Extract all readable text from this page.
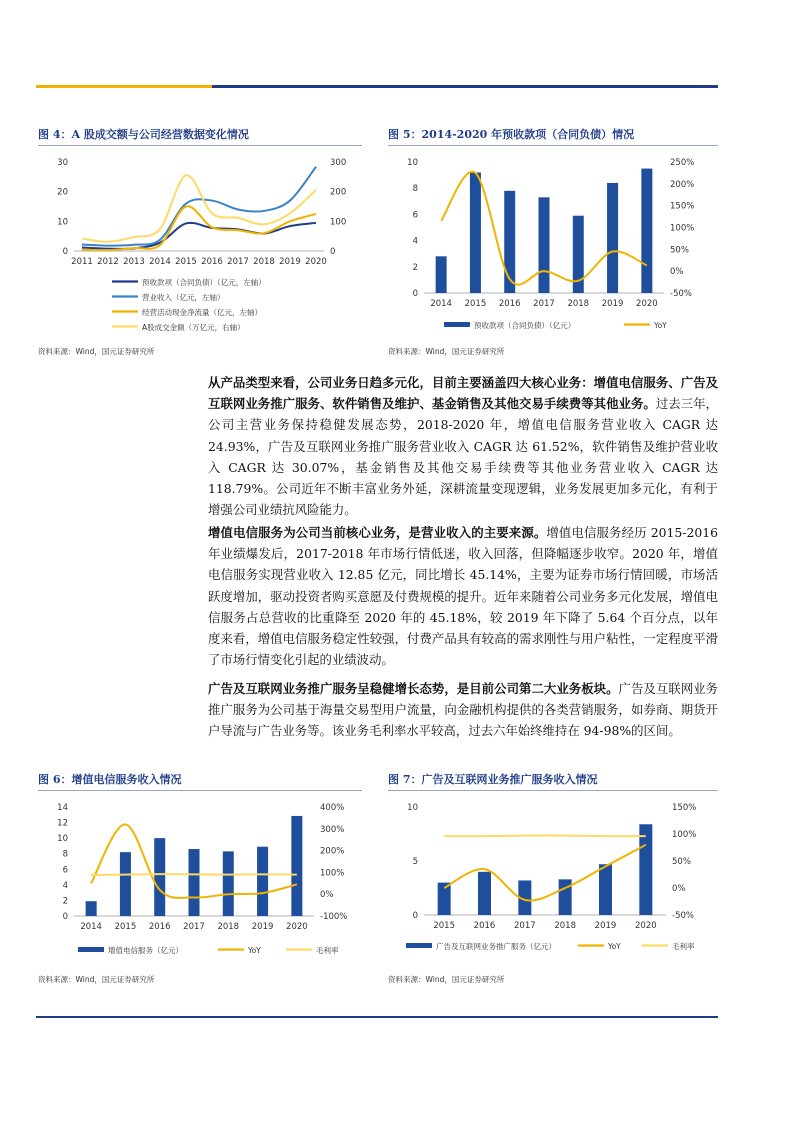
图 4：A 股成交额与公司经营数据变化情况
30
20
10
0
300
200
100
0
2011 2012 2013 2014 2015 2016 2017 2018 2019 2020
预收款项（合同负债）（亿元，左轴）
营业收入（亿元，左轴）
经营活动现金净流量（亿元，左轴）
A股成交金额（万亿元，右轴）
资料来源：Wind，国元证券研究所
图 5：2014-2020 年预收款项（合同负债）情况
10
8
6
4
2
0
250%
200%
150%
100%
50%
0%
-50%
2014 2015 2016 2017 2018 2019 2020
预收款项（合同负债）（亿元）	YoY
资料来源：Wind，国元证券研究所
从产品类型来看，公司业务日趋多元化，目前主要涵盖四大核心业务：增值电信服务、广告及互联网业务推广服务、软件销售及维护、基金销售及其他交易手续费等其他业务。过去三年，公司主营业务保持稳健发展态势，2018-2020 年，增值电信服务营业收入 CAGR 达 24.93%，广告及互联网业务推广服务营业收入 CAGR 达 61.52%，软件销售及维护营业收入 CAGR 达 30.07%，基金销售及其他交易手续费等其他业务营业收入 CAGR 达 118.79%。公司近年不断丰富业务外延，深耕流量变现逻辑，业务发展更加多元化，有利于增强公司业绩抗风险能力。
增值电信服务为公司当前核心业务，是营业收入的主要来源。增值电信服务经历 2015-2016 年业绩爆发后，2017-2018 年市场行情低迷，收入回落，但降幅逐步收窄。2020 年，增值电信服务实现营业收入 12.85 亿元，同比增长 45.14%，主要为证券市场行情回暖，市场活跃度增加，驱动投资者购买意愿及付费规模的提升。近年来随着公司业务多元化发展，增值电信服务占总营收的比重降至 2020 年的 45.18%，较 2019 年下降了 5.64 个百分点，以年度来看，增值电信服务稳定性较强，付费产品具有较高的需求刚性与用户粘性，一定程度平滑了市场行情变化引起的业绩波动。
广告及互联网业务推广服务呈稳健增长态势，是目前公司第二大业务板块。广告及互联网业务推广服务为公司基于海量交易型用户流量，向金融机构提供的各类营销服务，如券商、期货开户导流与广告业务等。该业务毛利率水平较高，过去六年始终维持在 94-98%的区间。
图 6：增值电信服务收入情况
14
12
10
8
6
4
2
0
400%
300%
200%
100%
0%
-100%
2014 2015 2016 2017 2018 2019 2020
增值电信服务（亿元）	YoY	毛利率
资料来源：Wind，国元证券研究所
图 7：广告及互联网业务推广服务收入情况
10
5
0
150%
100%
50%
0%
-50%
2015 2016 2017 2018 2019 2020
广告及互联网业务推广服务（亿元）	YoY	毛利率
资料来源：Wind，国元证券研究所
